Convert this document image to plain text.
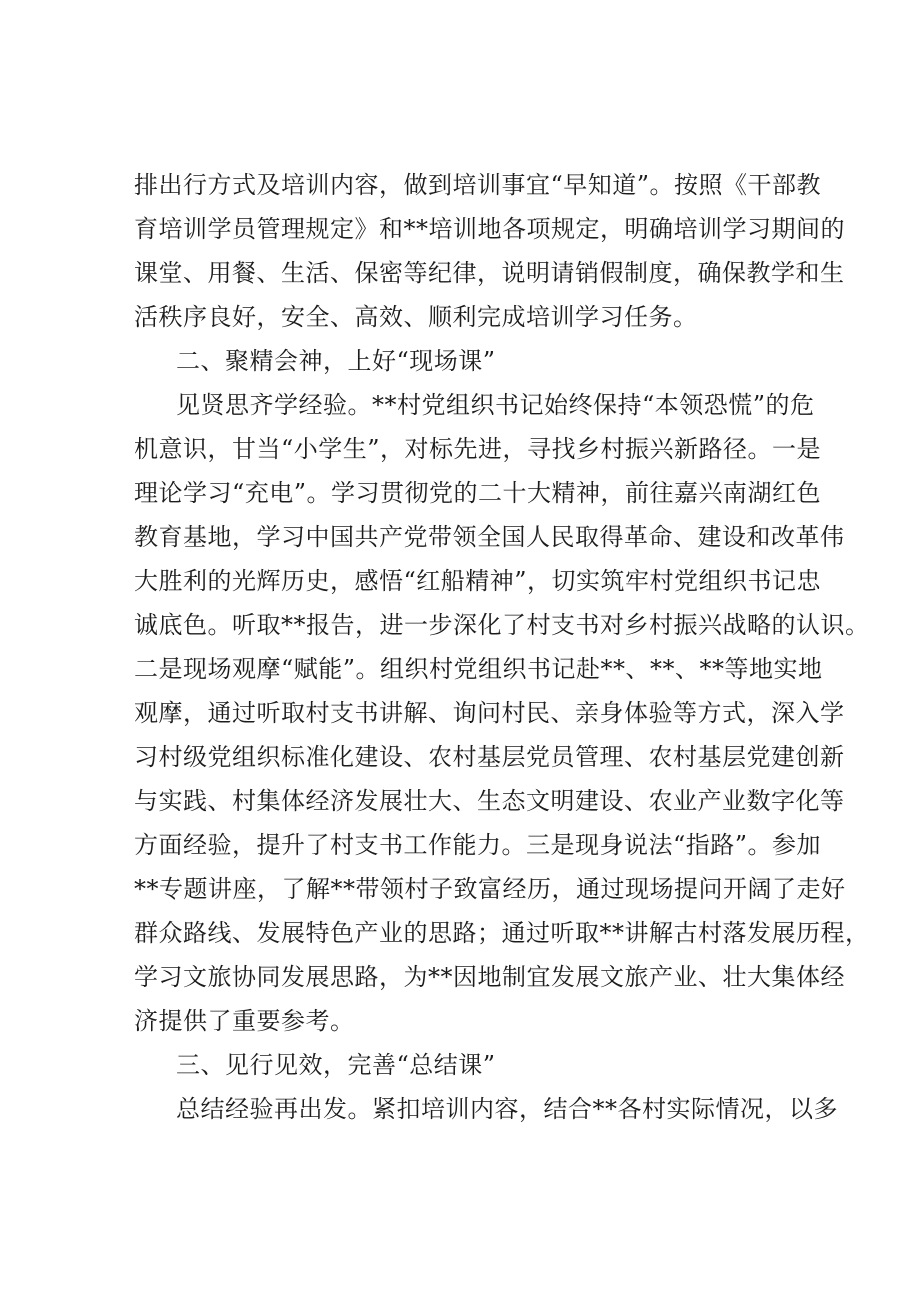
排出行方式及培训内容，做到培训事宜“早知道”。按照《干部教
育培训学员管理规定》和**培训地各项规定，明确培训学习期间的
课堂、用餐、生活、保密等纪律，说明请销假制度，确保教学和生
活秩序良好，安全、高效、顺利完成培训学习任务。
二、聚精会神，上好“现场课”
见贤思齐学经验。**村党组织书记始终保持“本领恐慌”的危
机意识，甘当“小学生”，对标先进，寻找乡村振兴新路径。一是
理论学习“充电”。学习贯彻党的二十大精神，前往嘉兴南湖红色
教育基地，学习中国共产党带领全国人民取得革命、建设和改革伟
大胜利的光辉历史，感悟“红船精神”，切实筑牢村党组织书记忠
诚底色。听取**报告，进一步深化了村支书对乡村振兴战略的认识。
二是现场观摩“赋能”。组织村党组织书记赴**、**、**等地实地
观摩，通过听取村支书讲解、询问村民、亲身体验等方式，深入学
习村级党组织标准化建设、农村基层党员管理、农村基层党建创新
与实践、村集体经济发展壮大、生态文明建设、农业产业数字化等
方面经验，提升了村支书工作能力。三是现身说法“指路”。参加
**专题讲座，了解**带领村子致富经历，通过现场提问开阔了走好
群众路线、发展特色产业的思路；通过听取**讲解古村落发展历程，
学习文旅协同发展思路，为**因地制宜发展文旅产业、壮大集体经
济提供了重要参考。
三、见行见效，完善“总结课”
总结经验再出发。紧扣培训内容，结合**各村实际情况，以多
